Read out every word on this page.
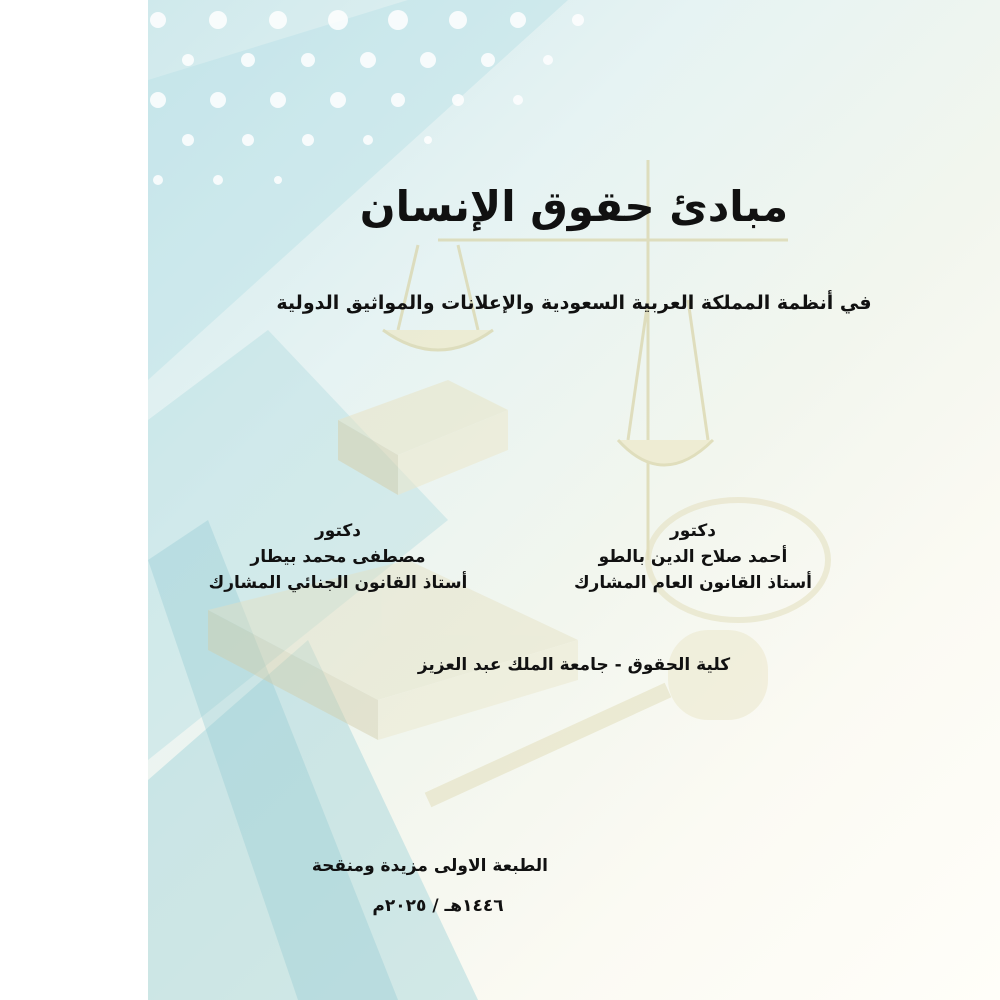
مبادئ حقوق الإنسان
في أنظمة المملكة العربية السعودية والإعلانات والمواثيق الدولية
دكتور
أحمد صلاح الدين بالطو
أستاذ القانون العام المشارك
دكتور
مصطفى محمد بيطار
أستاذ القانون الجنائي المشارك
كلية الحقوق - جامعة الملك عبد العزيز
الطبعة الاولى مزيدة ومنقحة
١٤٤٦هـ / ٢٠٢٥م
